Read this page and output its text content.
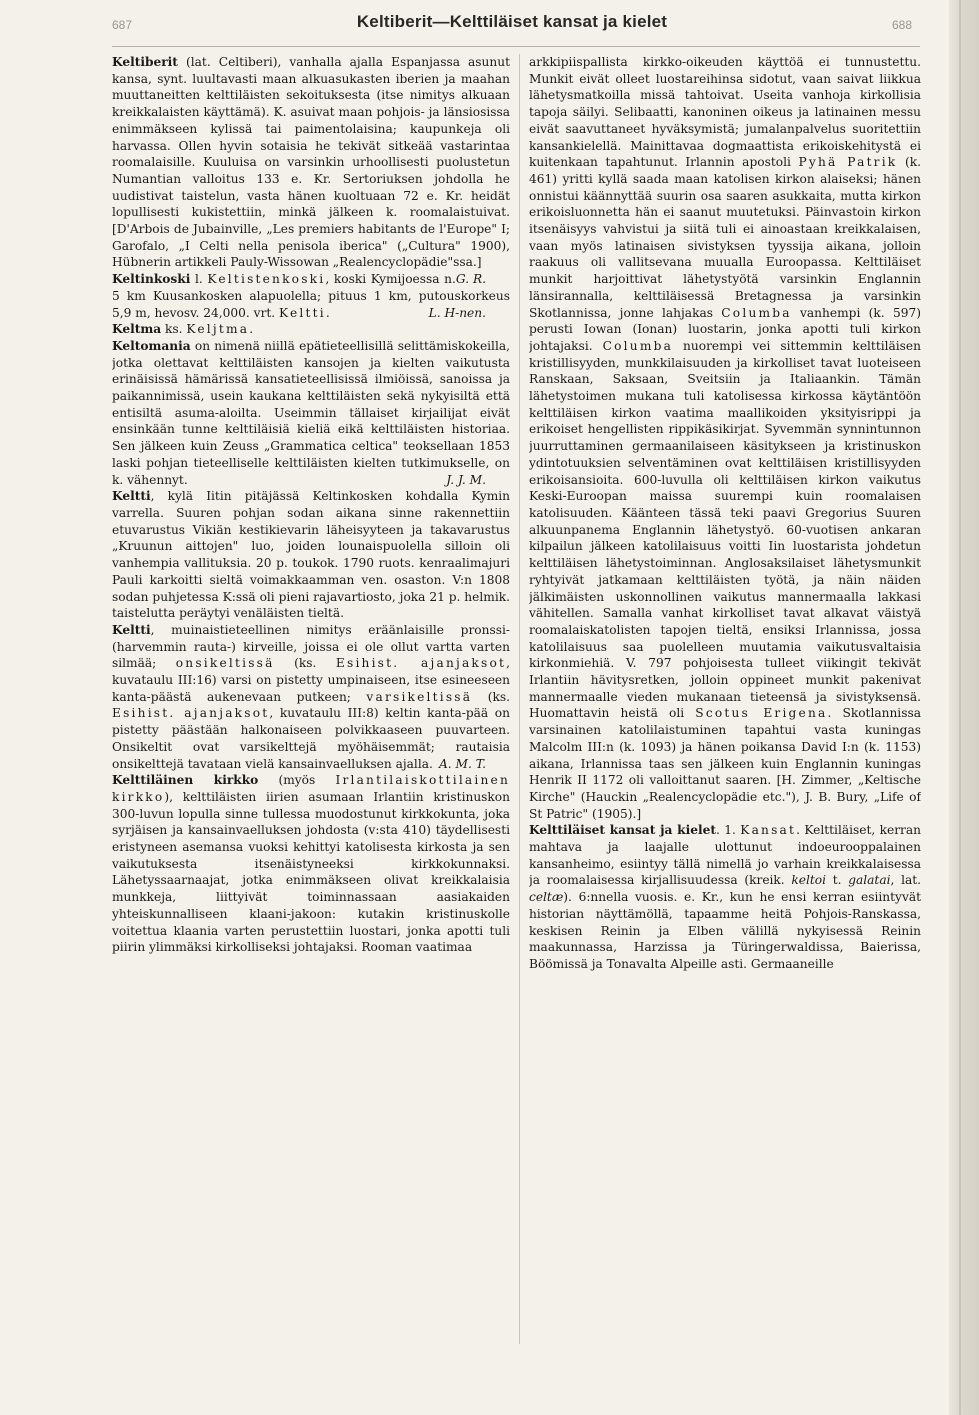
687	Keltiberit—Kelttiläiset kansat ja kielet	688

Keltiberit (lat. Celtiberi), vanhalla ajalla Espanjassa asunut kansa, synt. luultavasti maan alkuasukasten iberien ja maahan muuttaneitten kelttiläisten sekoituksesta (itse nimitys alkuaan kreikkalaisten käyttämä). K. asuivat maan pohjois- ja länsiosissa enimmäkseen kylissä tai paimentolaisina; kaupunkeja oli harvassa. Ollen hyvin sotaisia he tekivät sitkeää vastarintaa roomalaisille. Kuuluisa on varsinkin urhoollisesti puolustetun Numantian valloitus 133 e. Kr. Sertoriuksen johdolla he uudistivat taistelun, vasta hänen kuoltuaan 72 e. Kr. heidät lopullisesti kukistettiin, minkä jälkeen k. roomalaistuivat. [D'Arbois de Jubainville, „Les premiers habitants de l'Europe" I; Garofalo, „I Celti nella penisola iberica" („Cultura" 1900), Hübnerin artikkeli Pauly-Wissowan „Realencyclopädie"ssa.]
G. R.

Keltinkoski l. Keltistenkoski, koski Kymijoessa n. 5 km Kuusankosken alapuolella; pituus 1 km, putouskorkeus 5,9 m, hevosv. 24,000. vrt. Keltti.	L. H-nen.

Keltma ks. Keljtma.

Keltomania on nimenä niillä epätieteellisillä selittämiskokeilla, jotka olettavat kelttiläisten kansojen ja kielten vaikutusta erinäisissä hämärissä kansatieteellisissä ilmiöissä, sanoissa ja paikannimissä, usein kaukana kelttiläisten sekä nykyisiltä että entisiltä asuma-aloilta. Useimmin tällaiset kirjailijat eivät ensinkään tunne kelttiläisiä kieliä eikä kelttiläisten historiaa. Sen jälkeen kuin Zeuss „Grammatica celtica" teoksellaan 1853 laski pohjan tieteelliselle kelttiläisten kielten tutkimukselle, on k. vähennyt.	J. J. M.

Keltti, kylä Iitin pitäjässä Keltinkosken kohdalla Kymin varrella. Suuren pohjan sodan aikana sinne rakennettiin etuvarustus Vikiän kestikievarin läheisyyteen ja takavarustus „Kruunun aittojen" luo, joiden lounaispuolella silloin oli vanhempia vallituksia. 20 p. toukok. 1790 ruots. kenraalimajuri Pauli karkoitti sieltä voimakkaamman ven. osaston. V:n 1808 sodan puhjetessa K:ssä oli pieni rajavartiosto, joka 21 p. helmik. taistelutta peräytyi venäläisten tieltä.

Keltti, muinaistieteellinen nimitys eräänlaisille pronssi- (harvemmin rauta-) kirveille, joissa ei ole ollut vartta varten silmää; onsikeltissä (ks. Esihist. ajanjaksot, kuvataulu III:16) varsi on pistetty umpinaiseen, itse esineeseen kanta-päästä aukenevaan putkeen; varsikeltissä (ks. Esihist. ajanjaksot, kuvataulu III:8) keltin kanta-pää on pistetty päästään halkonaiseen polvikkaaseen puuvarteen. Onsikeltit ovat varsikelttejä myöhäisemmät; rautaisia onsikelttejä tavataan vielä kansainvaelluksen ajalla. A. M. T.

Kelttiläinen kirkko (myös Irlantilaiskottilainen kirkko), kelttiläisten iirien asumaan Irlantiin kristinuskon 300-luvun lopulla sinne tullessa muodostunut kirkkokunta, joka syrjäisen ja kansainvaelluksen johdosta (v:sta 410) täydellisesti eristyneen asemansa vuoksi kehittyi katolisesta kirkosta ja sen vaikutuksesta itsenäistyneeksi kirkkokunnaksi. Lähetyssaarnaajat, jotka enimmäkseen olivat kreikkalaisia munkkeja, liittyivät toiminnassaan aasiakaiden yhteiskunnalliseen klaani-jakoon: kutakin kristinuskolle voitettua klaania varten perustettiin luostari, jonka apotti tuli piirin ylimmäksi kirkolliseksi johtajaksi. Rooman vaatimaa

arkkipiispallista kirkko-oikeuden käyttöä ei tunnustettu. Munkit eivät olleet luostareihinsa sidotut, vaan saivat liikkua lähetysmatkoilla missä tahtoivat. Useita vanhoja kirkollisia tapoja säilyi. Selibaatti, kanoninen oikeus ja latinainen messu eivät saavuttaneet hyväksymistä; jumalanpalvelus suoritettiin kansankielellä. Mainittavaa dogmaattista erikoiskehitystä ei kuitenkaan tapahtunut. Irlannin apostoli Pyhä Patrik (k. 461) yritti kyllä saada maan katolisen kirkon alaiseksi; hänen onnistui käännyttää suurin osa saaren asukkaita, mutta kirkon erikoisluonnetta hän ei saanut muutetuksi. Päinvastoin kirkon itsenäisyys vahvistui ja siitä tuli ei ainoastaan kreikkalaisen, vaan myös latinaisen sivistyksen tyyssija aikana, jolloin raakuus oli vallitsevana muualla Euroopassa. Kelttiläiset munkit harjoittivat lähetystyötä varsinkin Englannin länsirannalla, kelttiläisessä Bretagnessa ja varsinkin Skotlannissa, jonne lahjakas Columba vanhempi (k. 597) perusti Iowan (Ionan) luostarin, jonka apotti tuli kirkon johtajaksi. Columba nuorempi vei sittemmin kelttiläisen kristillisyyden, munkkilaisuuden ja kirkolliset tavat luoteiseen Ranskaan, Saksaan, Sveitsiin ja Italiaankin. Tämän lähetystoimen mukana tuli katolisessa kirkossa käytäntöön kelttiläisen kirkon vaatima maallikoiden yksityisrippi ja erikoiset hengellisten rippikäsikirjat. Syvemmän synnintunnon juurruttaminen germaanilaiseen käsitykseen ja kristinuskon ydintotuuksien selventäminen ovat kelttiläisen kristillisyyden erikoisansioita. 600-luvulla oli kelttiläisen kirkon vaikutus Keski-Euroopan maissa suurempi kuin roomalaisen katolisuuden. Käänteen tässä teki paavi Gregorius Suuren alkuunpanema Englannin lähetystyö. 60-vuotisen ankaran kilpailun jälkeen katolilaisuus voitti Iin luostarista johdetun kelttiläisen lähetystoiminnan. Anglosaksilaiset lähetysmunkit ryhtyivät jatkamaan kelttiläisten työtä, ja näin näiden jälkimäisten uskonnollinen vaikutus mannermaalla lakkasi vähitellen. Samalla vanhat kirkolliset tavat alkavat väistyä roomalaiskatolisten tapojen tieltä, ensiksi Irlannissa, jossa katolilaisuus saa puolelleen muutamia vaikutusvaltaisia kirkonmiehiä. V. 797 pohjoisesta tulleet viikingit tekivät Irlantiin hävitysretken, jolloin oppineet munkit pakenivat mannermaalle vieden mukanaan tieteensä ja sivistyksensä. Huomattavin heistä oli Scotus Erigena. Skotlannissa varsinainen katolilaistuminen tapahtui vasta kuningas Malcolm III:n (k. 1093) ja hänen poikansa David I:n (k. 1153) aikana, Irlannissa taas sen jälkeen kuin Englannin kuningas Henrik II 1172 oli valloittanut saaren. [H. Zimmer, „Keltische Kirche" (Hauckin „Realencyclopädie etc."), J. B. Bury, „Life of St Patric" (1905).]

Kelttiläiset kansat ja kielet. 1. Kansat. Kelttiläiset, kerran mahtava ja laajalle ulottunut indoeurooppalainen kansanheimo, esiintyy tällä nimellä jo varhain kreikkalaisessa ja roomalaisessa kirjallisuudessa (kreik. keltoi t. galatai, lat. celtæ). 6:nnella vuosis. e. Kr., kun he ensi kerran esiintyvät historian näyttämöllä, tapaamme heitä Pohjois-Ranskassa, keskisen Reinin ja Elben välillä nykyisessä Reinin maakunnassa, Harzissa ja Türingerwaldissa, Baierissa, Böömissä ja Tonavalta Alpeille asti. Germaaneille
